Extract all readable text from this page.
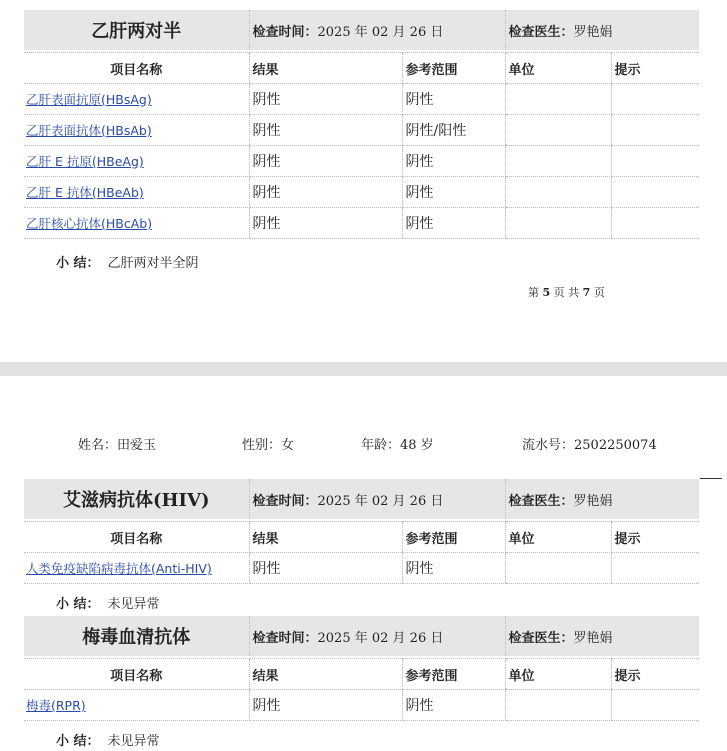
乙肝两对半	检查时间：2025 年 02 月 26 日	检查医生：罗艳娟
项目名称	结果	参考范围	单位	提示
乙肝表面抗原(HBsAg)	阴性	阴性		
乙肝表面抗体(HBsAb)	阴性	阴性/阳性		
乙肝 E 抗原(HBeAg)	阴性	阴性		
乙肝 E 抗体(HBeAb)	阴性	阴性		
乙肝核心抗体(HBcAb)	阴性	阴性		
小 结： 乙肝两对半全阴
第 5 页 共 7 页
姓名：田爱玉	性别：女	年龄：48 岁	流水号：2502250074
艾滋病抗体(HIV)	检查时间：2025 年 02 月 26 日	检查医生：罗艳娟
项目名称	结果	参考范围	单位	提示
人类免疫缺陷病毒抗体(Anti-HIV)	阴性	阴性		
小 结： 未见异常
梅毒血清抗体	检查时间：2025 年 02 月 26 日	检查医生：罗艳娟
项目名称	结果	参考范围	单位	提示
梅毒(RPR)	阴性	阴性		
小 结： 未见异常
